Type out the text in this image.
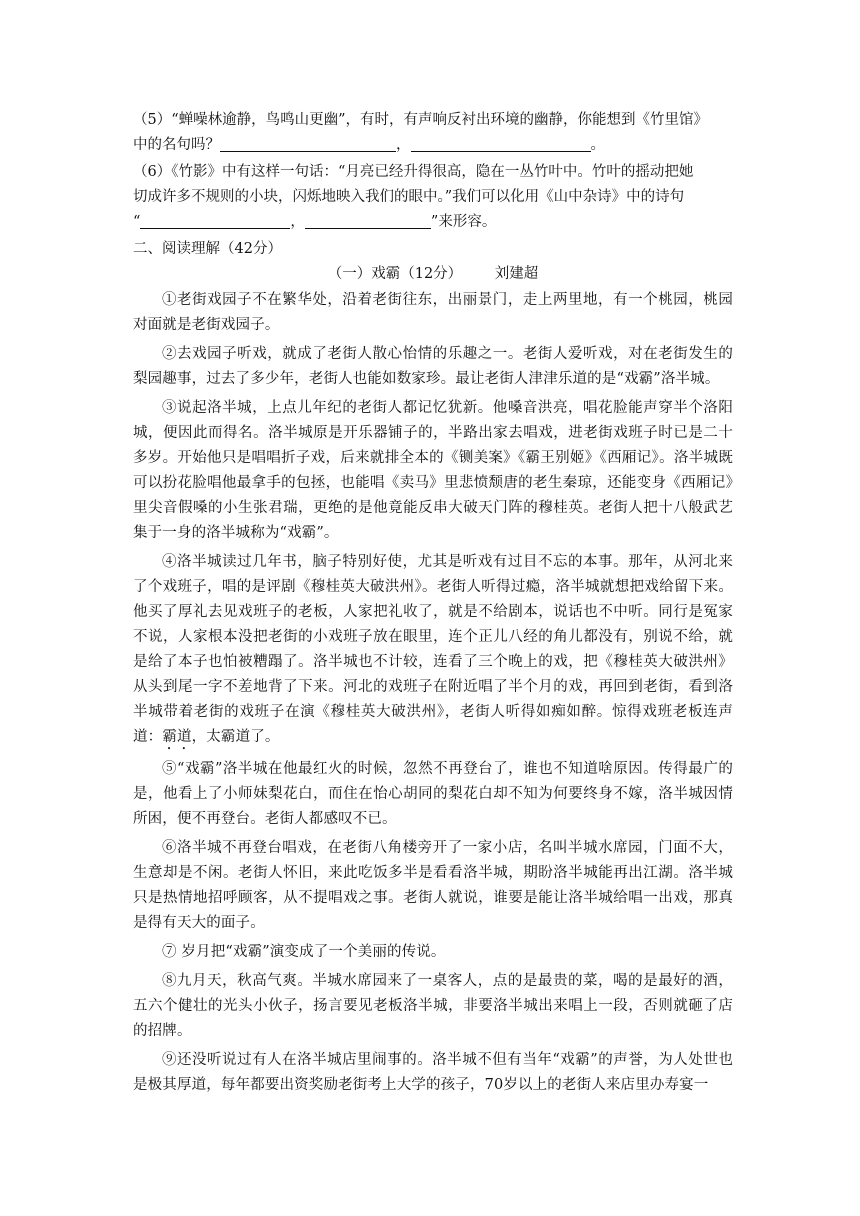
（5）“蝉噪林逾静，鸟鸣山更幽”，有时，有声响反衬出环境的幽静，你能想到《竹里馆》
中的名句吗？	，	。
（6）《竹影》中有这样一句话：“月亮已经升得很高，隐在一丛竹叶中。竹叶的摇动把她
切成许多不规则的小块，闪烁地映入我们的眼中。”我们可以化用《山中杂诗》中的诗句
“	，	”来形容。
二、阅读理解（42分）
（一）戏霸（12分） 刘建超
①老街戏园子不在繁华处，沿着老街往东，出丽景门，走上两里地，有一个桃园，桃园对面就是老街戏园子。
②去戏园子听戏，就成了老街人散心怡情的乐趣之一。老街人爱听戏，对在老街发生的梨园趣事，过去了多少年，老街人也能如数家珍。最让老街人津津乐道的是“戏霸”洛半城。
③说起洛半城，上点儿年纪的老街人都记忆犹新。他嗓音洪亮，唱花脸能声穿半个洛阳城，便因此而得名。洛半城原是开乐器铺子的，半路出家去唱戏，进老街戏班子时已是二十多岁。开始他只是唱唱折子戏，后来就排全本的《铡美案》《霸王别姬》《西厢记》。洛半城既可以扮花脸唱他最拿手的包拯，也能唱《卖马》里悲愤颓唐的老生秦琼，还能变身《西厢记》里尖音假嗓的小生张君瑞，更绝的是他竟能反串大破天门阵的穆桂英。老街人把十八般武艺集于一身的洛半城称为“戏霸”。
④洛半城读过几年书，脑子特别好使，尤其是听戏有过目不忘的本事。那年，从河北来了个戏班子，唱的是评剧《穆桂英大破洪州》。老街人听得过瘾，洛半城就想把戏给留下来。他买了厚礼去见戏班子的老板，人家把礼收了，就是不给剧本，说话也不中听。同行是冤家不说，人家根本没把老街的小戏班子放在眼里，连个正儿八经的角儿都没有，别说不给，就是给了本子也怕被糟蹋了。洛半城也不计较，连看了三个晚上的戏，把《穆桂英大破洪州》从头到尾一字不差地背了下来。河北的戏班子在附近唱了半个月的戏，再回到老街，看到洛半城带着老街的戏班子在演《穆桂英大破洪州》，老街人听得如痴如醉。惊得戏班老板连声道：霸道，太霸道了。
⑤“戏霸”洛半城在他最红火的时候，忽然不再登台了，谁也不知道啥原因。传得最广的是，他看上了小师妹梨花白，而住在怡心胡同的梨花白却不知为何要终身不嫁，洛半城因情所困，便不再登台。老街人都感叹不已。
⑥洛半城不再登台唱戏，在老街八角楼旁开了一家小店，名叫半城水席园，门面不大，生意却是不闲。老街人怀旧，来此吃饭多半是看看洛半城，期盼洛半城能再出江湖。洛半城只是热情地招呼顾客，从不提唱戏之事。老街人就说，谁要是能让洛半城给唱一出戏，那真是得有天大的面子。
⑦ 岁月把“戏霸”演变成了一个美丽的传说。
⑧九月天，秋高气爽。半城水席园来了一桌客人，点的是最贵的菜，喝的是最好的酒，五六个健壮的光头小伙子，扬言要见老板洛半城，非要洛半城出来唱上一段，否则就砸了店的招牌。
⑨还没听说过有人在洛半城店里闹事的。洛半城不但有当年“戏霸”的声誉，为人处世也是极其厚道，每年都要出资奖励老街考上大学的孩子，70岁以上的老街人来店里办寿宴一
